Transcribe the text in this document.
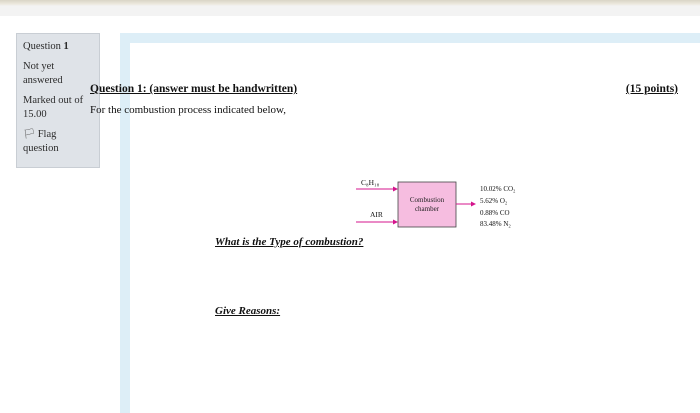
Question 1
Not yet
answered
Marked out of
15.00
🏳︎ Flag
question
Question 1: (answer must be handwritten)	(15 points)
For the combustion process indicated below,
C₈H₁₈
AIR
Combustion
chamber
10.02% CO₂
5.62% O₂
0.88% CO
83.48% N₂
What is the Type of combustion?
Give Reasons:
